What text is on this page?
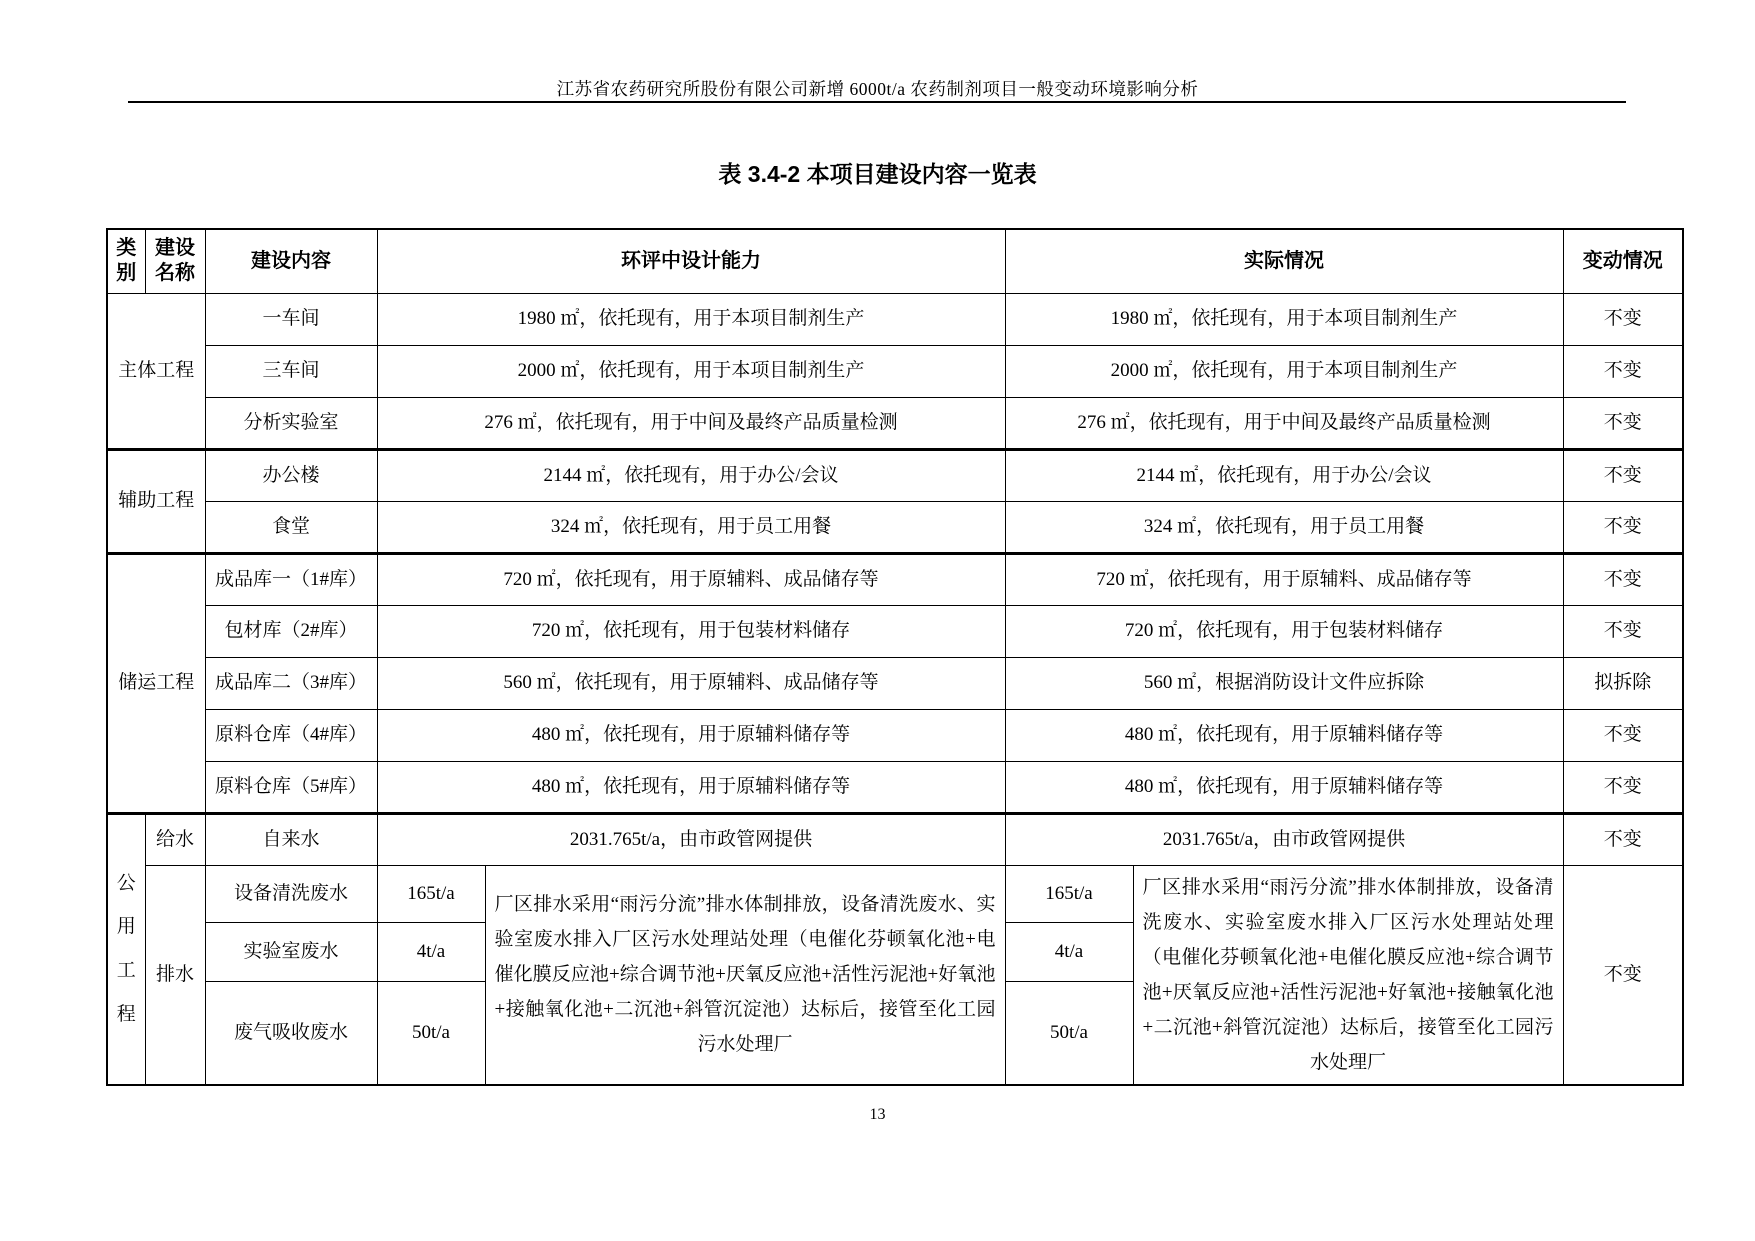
江苏省农药研究所股份有限公司新增 6000t/a 农药制剂项目一般变动环境影响分析
表 3.4-2 本项目建设内容一览表
类别	建设名称	建设内容	环评中设计能力		实际情况		变动情况
主体工程		一车间	1980 ㎡，依托现有，用于本项目制剂生产		1980 ㎡，依托现有，用于本项目制剂生产		不变
		三车间	2000 ㎡，依托现有，用于本项目制剂生产		2000 ㎡，依托现有，用于本项目制剂生产		不变
		分析实验室	276 ㎡，依托现有，用于中间及最终产品质量检测		276 ㎡，依托现有，用于中间及最终产品质量检测		不变
辅助工程		办公楼	2144 ㎡，依托现有，用于办公/会议		2144 ㎡，依托现有，用于办公/会议		不变
		食堂	324 ㎡，依托现有，用于员工用餐		324 ㎡，依托现有，用于员工用餐		不变
储运工程		成品库一（1#库）	720 ㎡，依托现有，用于原辅料、成品储存等		720 ㎡，依托现有，用于原辅料、成品储存等		不变
		包材库（2#库）	720 ㎡，依托现有，用于包装材料储存		720 ㎡，依托现有，用于包装材料储存		不变
		成品库二（3#库）	560 ㎡，依托现有，用于原辅料、成品储存等		560 ㎡，根据消防设计文件应拆除		拟拆除
		原料仓库（4#库）	480 ㎡，依托现有，用于原辅料储存等		480 ㎡，依托现有，用于原辅料储存等		不变
		原料仓库（5#库）	480 ㎡，依托现有，用于原辅料储存等		480 ㎡，依托现有，用于原辅料储存等		不变
公用工程	给水	自来水	2031.765t/a，由市政管网提供		2031.765t/a，由市政管网提供		不变
	排水	设备清洗废水	165t/a	厂区排水采用“雨污分流”排水体制排放，设备清洗废水、实验室废水排入厂区污水处理站处理（电催化芬顿氧化池+电催化膜反应池+综合调节池+厌氧反应池+活性污泥池+好氧池+接触氧化池+二沉池+斜管沉淀池）达标后，接管至化工园污水处理厂	165t/a	厂区排水采用“雨污分流”排水体制排放，设备清洗废水、实验室废水排入厂区污水处理站处理（电催化芬顿氧化池+电催化膜反应池+综合调节池+厌氧反应池+活性污泥池+好氧池+接触氧化池+二沉池+斜管沉淀池）达标后，接管至化工园污水处理厂	不变
		实验室废水	4t/a		4t/a		
		废气吸收废水	50t/a		50t/a		
13
